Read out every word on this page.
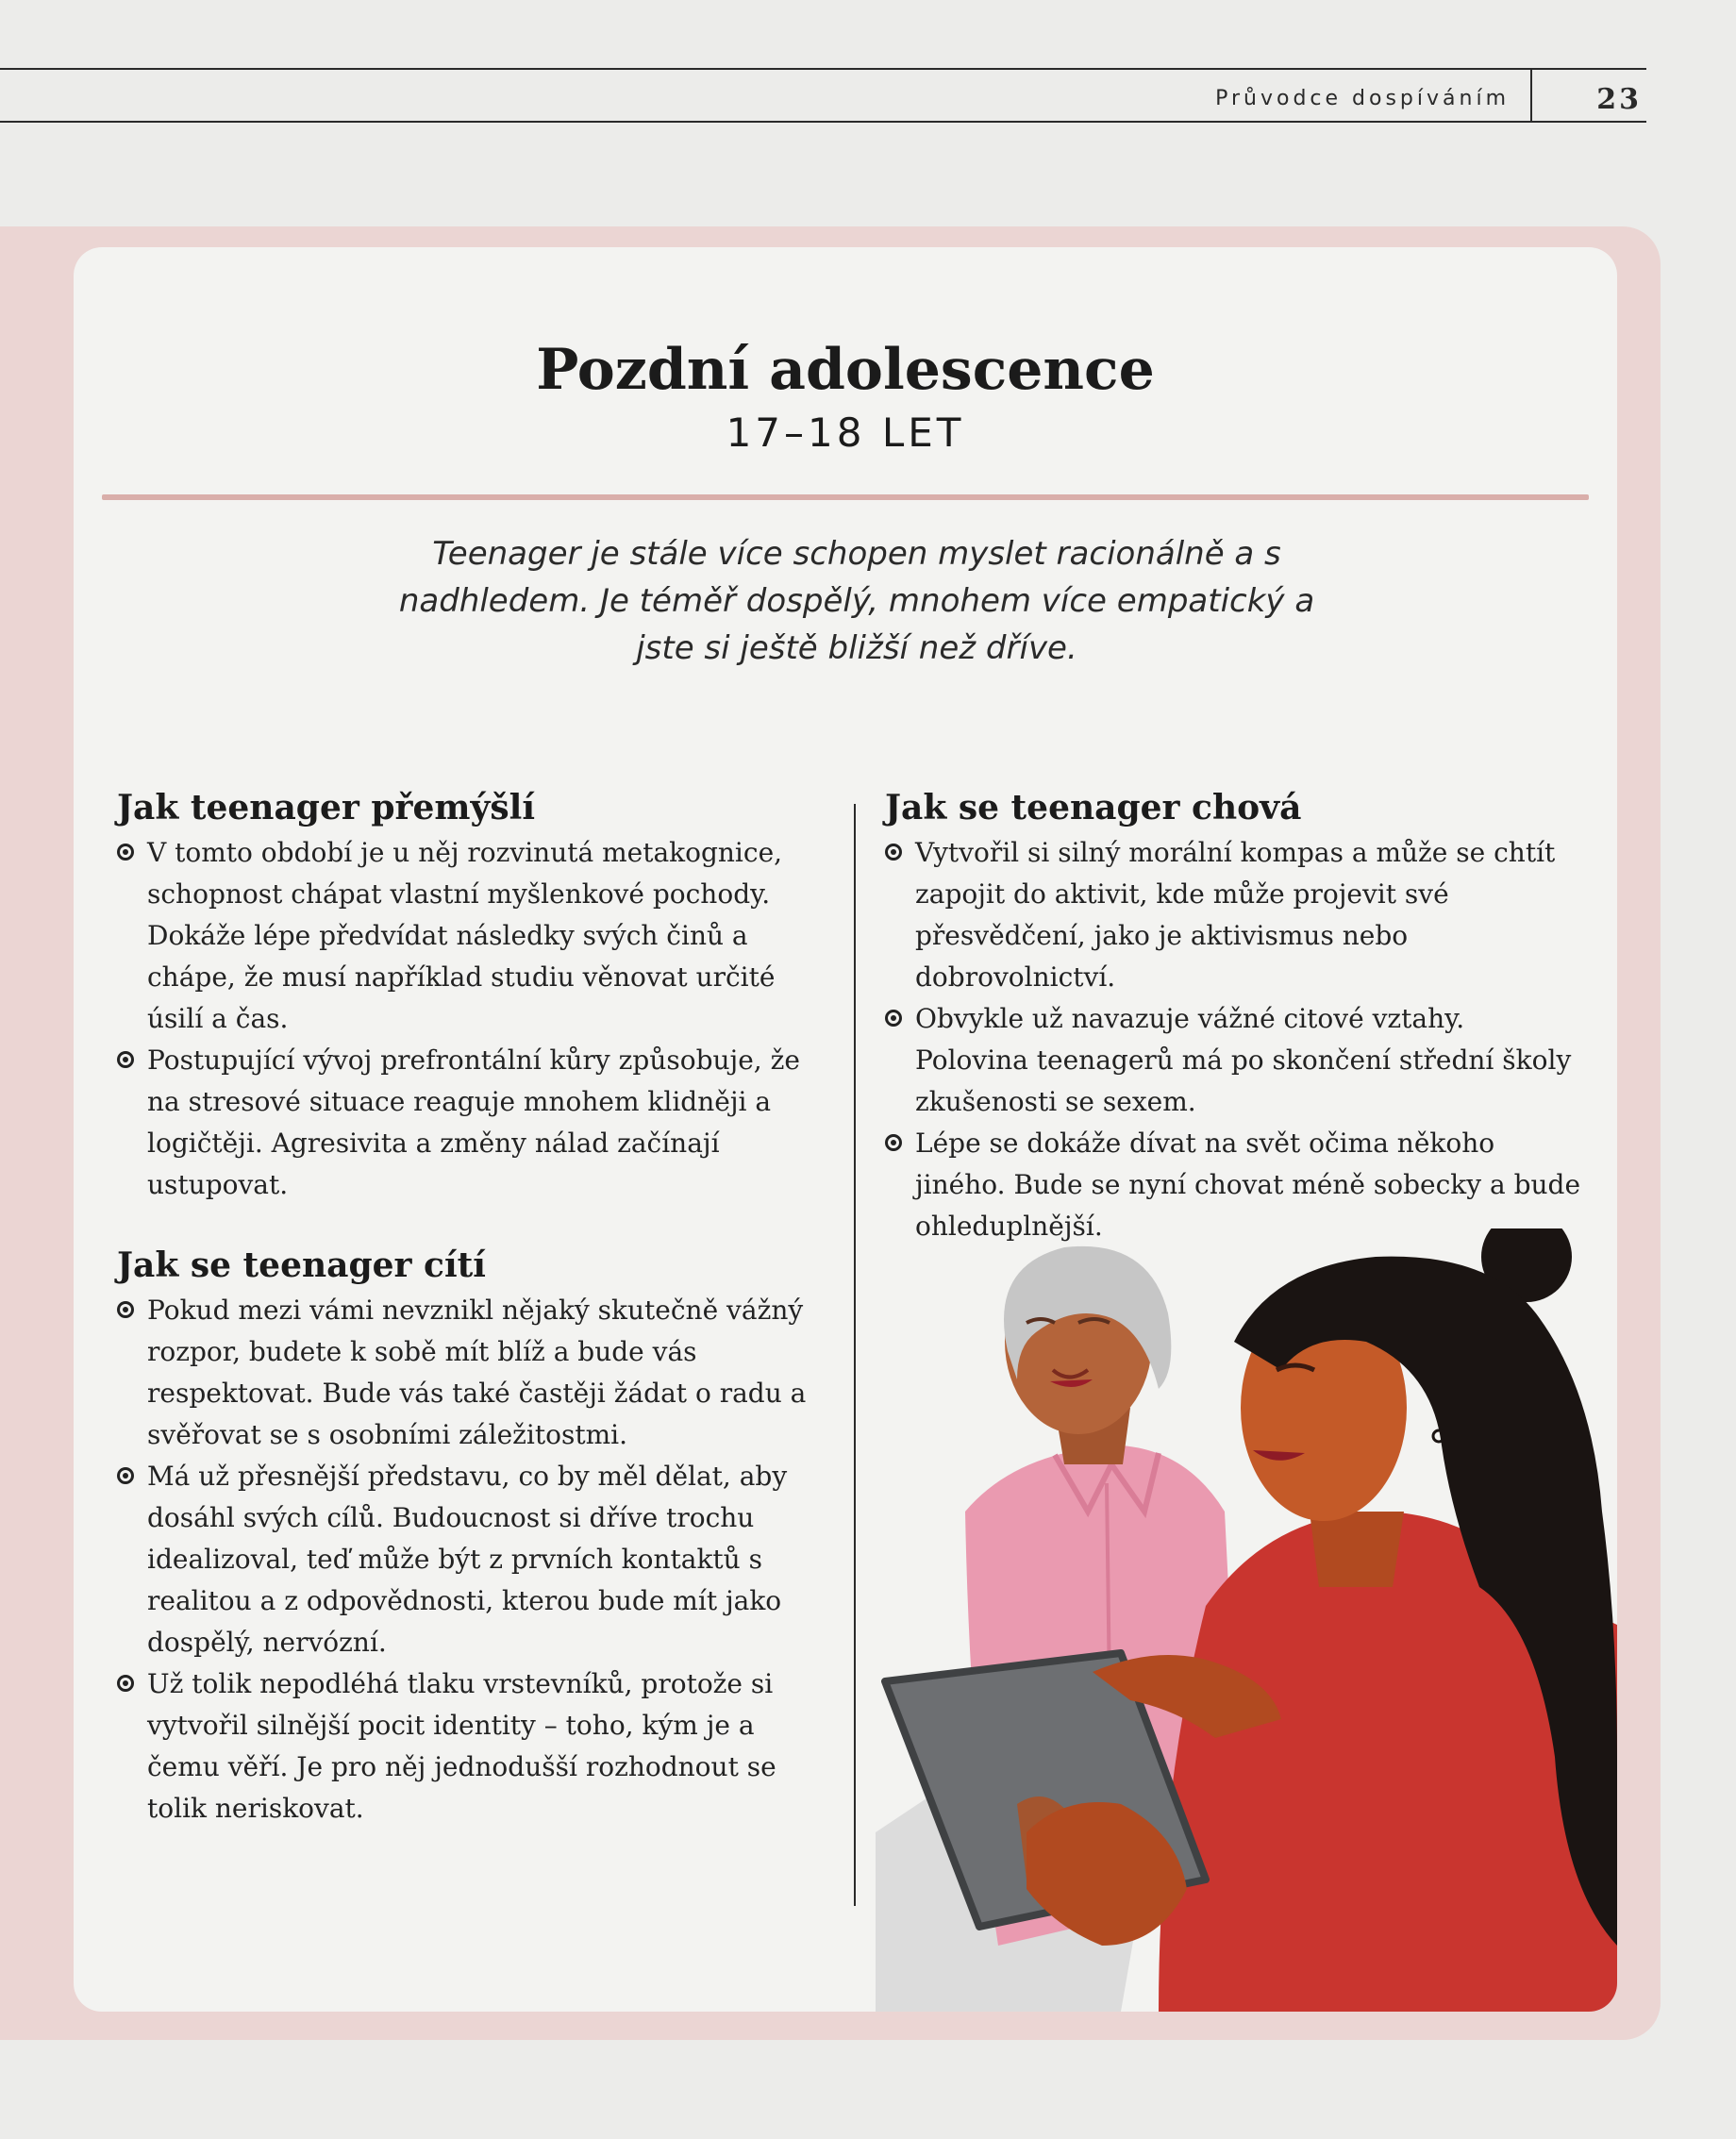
Průvodce dospíváním	23
Pozdní adolescence
17–18 LET
Teenager je stále více schopen myslet racionálně a s nadhledem. Je téměř dospělý, mnohem více empatický a jste si ještě bližší než dříve.
Jak teenager přemýšlí
V tomto období je u něj rozvinutá metakognice, schopnost chápat vlastní myšlenkové pochody. Dokáže lépe předvídat následky svých činů a chápe, že musí například studiu věnovat určité úsilí a čas.
Postupující vývoj prefrontální kůry způsobuje, že na stresové situace reaguje mnohem klidněji a logičtěji. Agresivita a změny nálad začínají ustupovat.
Jak se teenager cítí
Pokud mezi vámi nevznikl nějaký skutečně vážný rozpor, budete k sobě mít blíž a bude vás respektovat. Bude vás také častěji žádat o radu a svěřovat se s osobními záležitostmi.
Má už přesnější představu, co by měl dělat, aby dosáhl svých cílů. Budoucnost si dříve trochu idealizoval, teď může být z prvních kontaktů s realitou a z odpovědnosti, kterou bude mít jako dospělý, nervózní.
Už tolik nepodléhá tlaku vrstevníků, protože si vytvořil silnější pocit identity – toho, kým je a čemu věří. Je pro něj jednodušší rozhodnout se tolik neriskovat.
Jak se teenager chová
Vytvořil si silný morální kompas a může se chtít zapojit do aktivit, kde může projevit své přesvědčení, jako je aktivismus nebo dobrovolnictví.
Obvykle už navazuje vážné citové vztahy. Polovina teenagerů má po skončení střední školy zkušenosti se sexem.
Lépe se dokáže dívat na svět očima někoho jiného. Bude se nyní chovat méně sobecky a bude ohleduplnější.
